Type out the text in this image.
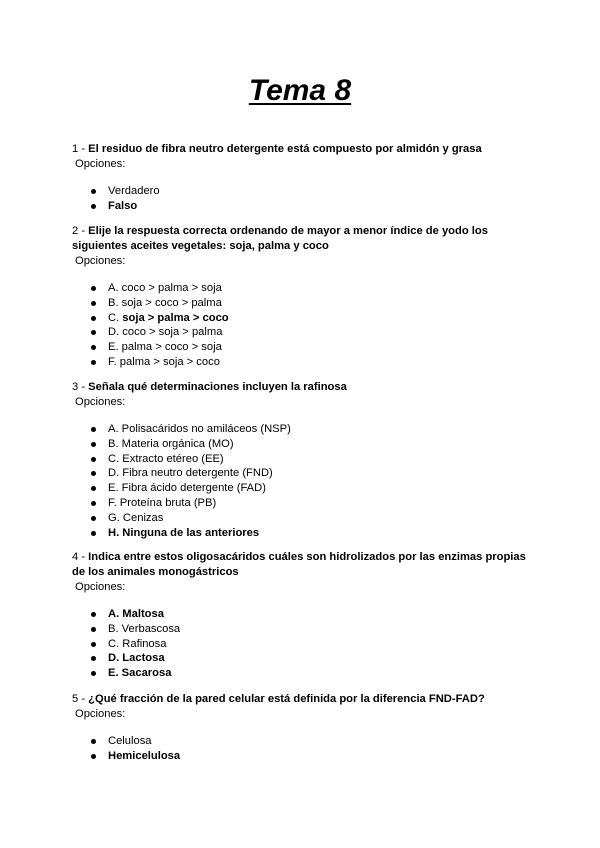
Tema 8
1 - El residuo de fibra neutro detergente está compuesto por almidón y grasa
Opciones:
Verdadero
Falso
2 - Elije la respuesta correcta ordenando de mayor a menor índice de yodo los siguientes aceites vegetales: soja, palma y coco
Opciones:
A. coco > palma > soja
B. soja > coco > palma
C. soja > palma > coco
D. coco > soja > palma
E. palma > coco > soja
F. palma > soja > coco
3 - Señala qué determinaciones incluyen la rafinosa
Opciones:
A. Polisacáridos no amiláceos (NSP)
B. Materia orgánica (MO)
C. Extracto etéreo (EE)
D. Fibra neutro detergente (FND)
E. Fibra ácido detergente (FAD)
F. Proteína bruta (PB)
G. Cenizas
H. Ninguna de las anteriores
4 - Indica entre estos oligosacáridos cuáles son hidrolizados por las enzimas propias de los animales monogástricos
Opciones:
A. Maltosa
B. Verbascosa
C. Rafinosa
D. Lactosa
E. Sacarosa
5 - ¿Qué fracción de la pared celular está definida por la diferencia FND-FAD?
Opciones:
Celulosa
Hemicelulosa
